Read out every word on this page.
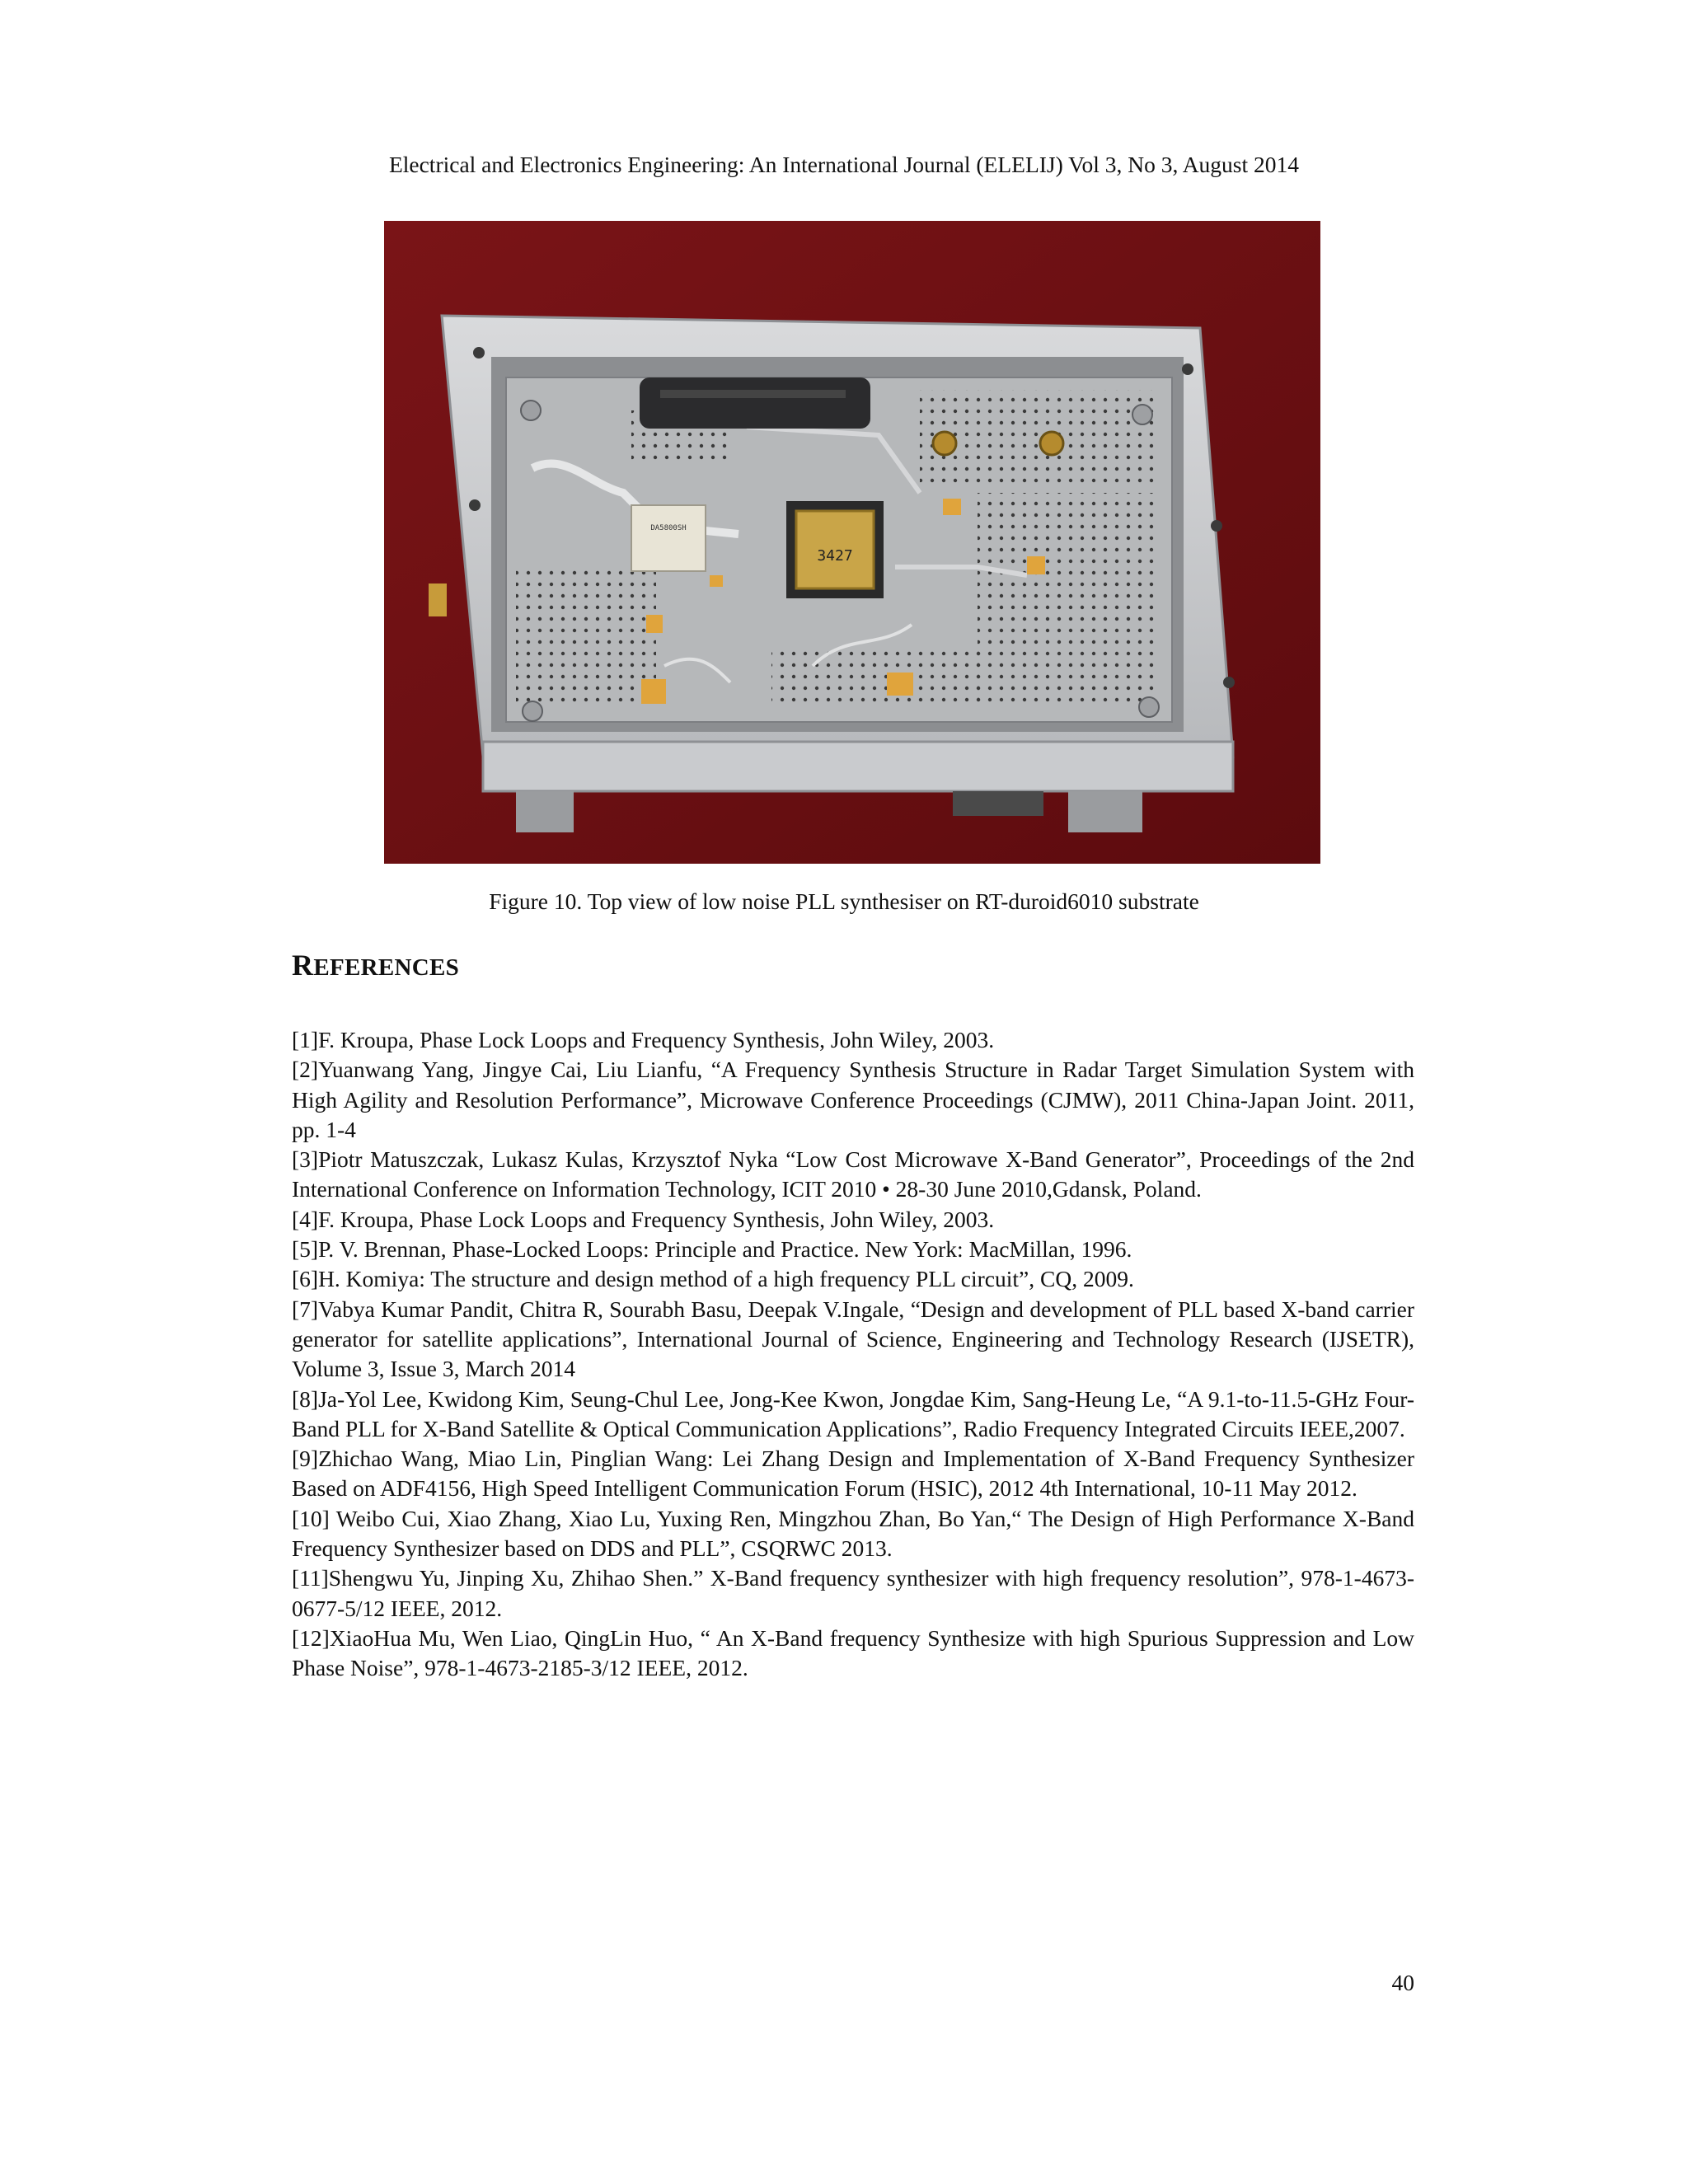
Electrical and Electronics Engineering: An International Journal (ELELIJ) Vol 3, No 3, August 2014
DA5800SH
3427
Figure 10. Top view of low noise PLL synthesiser on RT-duroid6010 substrate
REFERENCES

[1]F. Kroupa, Phase Lock Loops and Frequency Synthesis, John Wiley, 2003.

[2]Yuanwang Yang, Jingye Cai, Liu Lianfu, “A Frequency Synthesis Structure in Radar Target Simulation System with High Agility and Resolution Performance”, Microwave Conference Proceedings (CJMW), 2011 China-Japan Joint. 2011, pp. 1-4

[3]Piotr Matuszczak, Lukasz Kulas, Krzysztof Nyka “Low Cost Microwave X-Band Generator”, Proceedings of the 2nd International Conference on Information Technology, ICIT 2010 • 28-30 June 2010,Gdansk, Poland.

[4]F. Kroupa, Phase Lock Loops and Frequency Synthesis, John Wiley, 2003.

[5]P. V. Brennan, Phase-Locked Loops: Principle and Practice. New York: MacMillan, 1996.

[6]H. Komiya: The structure and design method of a high frequency PLL circuit”, CQ, 2009.

[7]Vabya Kumar Pandit, Chitra R, Sourabh Basu, Deepak V.Ingale, “Design and development of PLL based X-band carrier generator for satellite applications”, International Journal of Science, Engineering and Technology Research (IJSETR), Volume 3, Issue 3, March 2014

[8]Ja-Yol Lee, Kwidong Kim, Seung-Chul Lee, Jong-Kee Kwon, Jongdae Kim, Sang-Heung Le, “A 9.1-to-11.5-GHz Four-Band PLL for X-Band Satellite & Optical Communication Applications”, Radio Frequency Integrated Circuits IEEE,2007.

[9]Zhichao Wang, Miao Lin, Pinglian Wang: Lei Zhang Design and Implementation of X-Band Frequency Synthesizer Based on ADF4156, High Speed Intelligent Communication Forum (HSIC), 2012 4th International, 10-11 May 2012.

[10] Weibo Cui, Xiao Zhang, Xiao Lu, Yuxing Ren, Mingzhou Zhan, Bo Yan,“ The Design of High Performance X-Band Frequency Synthesizer based on DDS and PLL”, CSQRWC 2013.

[11]Shengwu Yu, Jinping Xu, Zhihao Shen.” X-Band frequency synthesizer with high frequency resolution”, 978-1-4673-0677-5/12 IEEE, 2012.

[12]XiaoHua Mu, Wen Liao, QingLin Huo, “ An X-Band frequency Synthesize with high Spurious Suppression and Low Phase Noise”, 978-1-4673-2185-3/12 IEEE, 2012.

40
